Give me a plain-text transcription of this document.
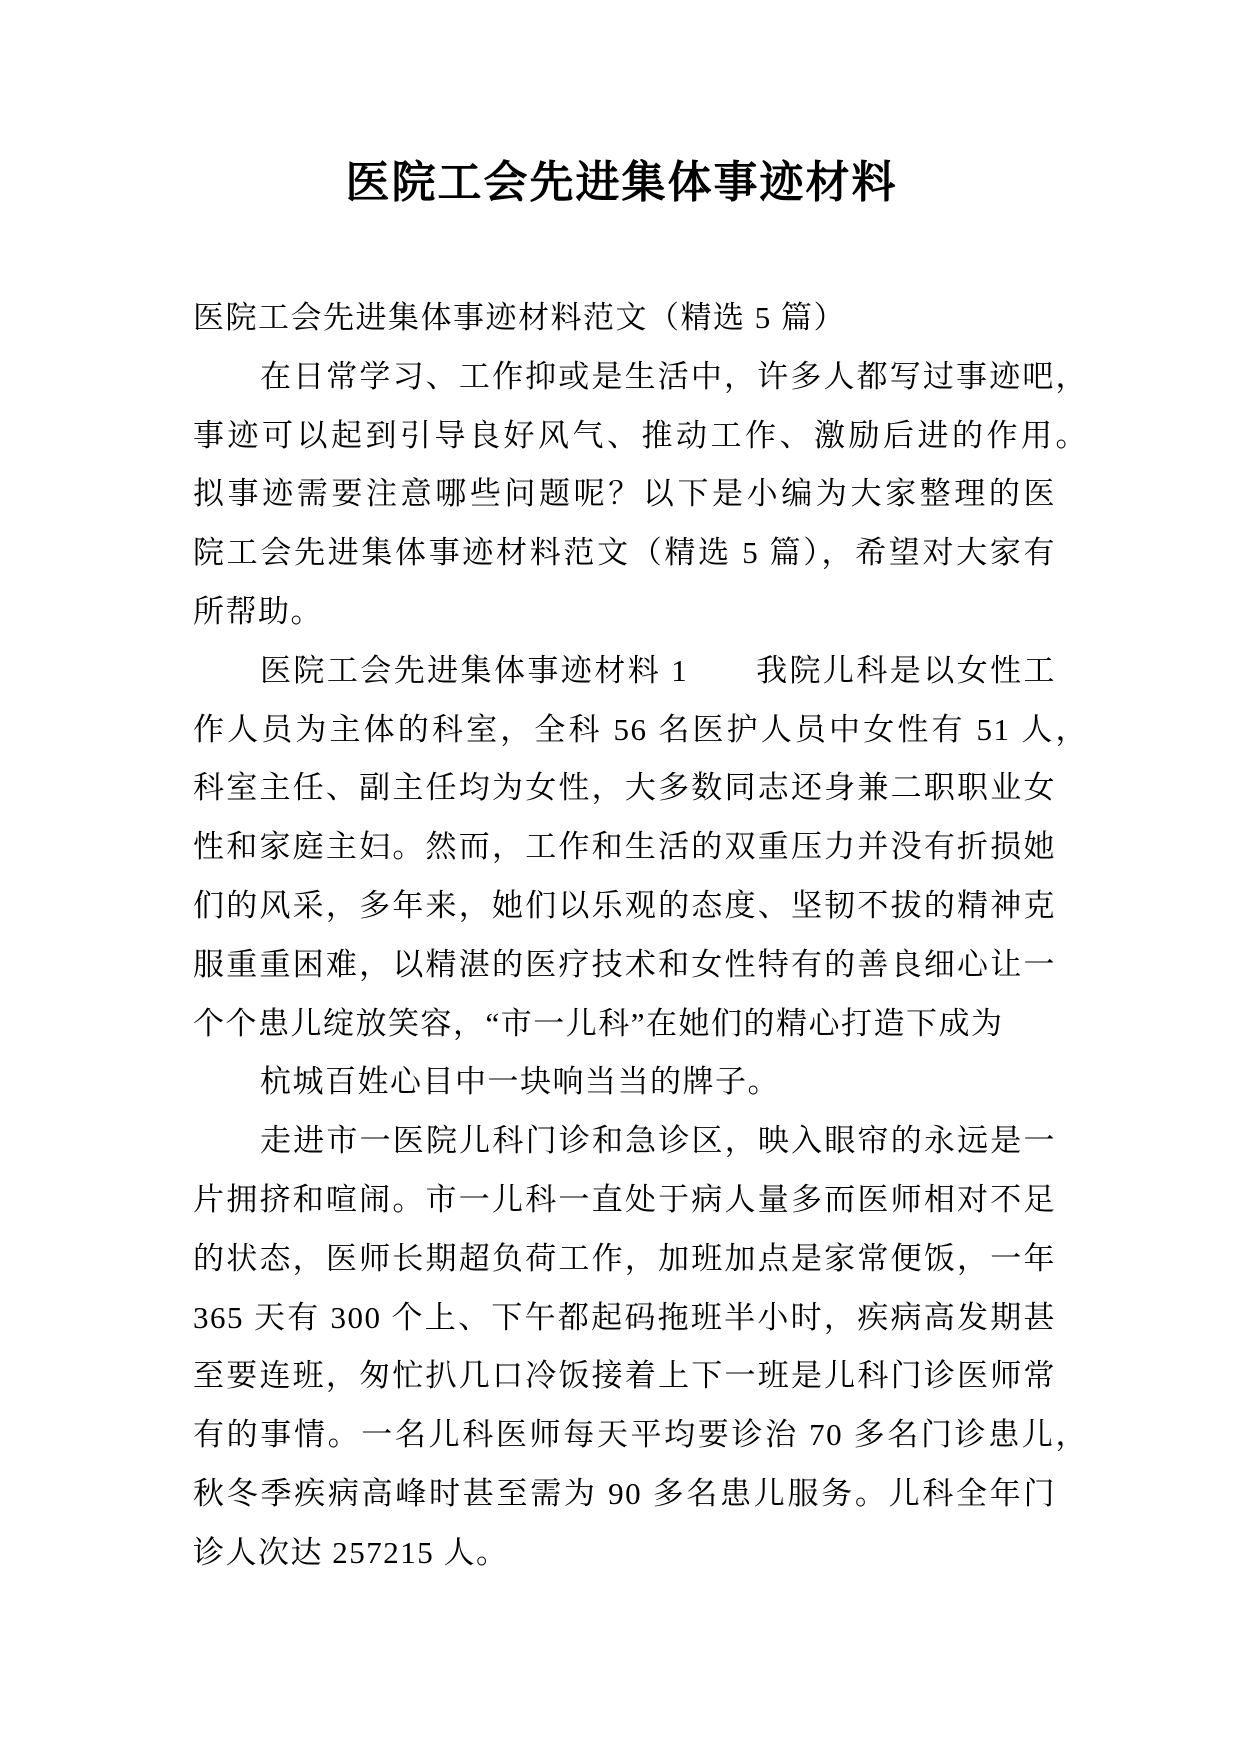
医院工会先进集体事迹材料
医院工会先进集体事迹材料范文（精选 5 篇）
在日常学习、工作抑或是生活中，许多人都写过事迹吧，
事迹可以起到引导良好风气、推动工作、激励后进的作用。
拟事迹需要注意哪些问题呢？以下是小编为大家整理的医
院工会先进集体事迹材料范文（精选 5 篇），希望对大家有
所帮助。
医院工会先进集体事迹材料 1　　我院儿科是以女性工
作人员为主体的科室，全科 56 名医护人员中女性有 51 人，
科室主任、副主任均为女性，大多数同志还身兼二职职业女
性和家庭主妇。然而，工作和生活的双重压力并没有折损她
们的风采，多年来，她们以乐观的态度、坚韧不拔的精神克
服重重困难，以精湛的医疗技术和女性特有的善良细心让一
个个患儿绽放笑容，“市一儿科”在她们的精心打造下成为
杭城百姓心目中一块响当当的牌子。
走进市一医院儿科门诊和急诊区，映入眼帘的永远是一
片拥挤和喧闹。市一儿科一直处于病人量多而医师相对不足
的状态，医师长期超负荷工作，加班加点是家常便饭，一年
365 天有 300 个上、下午都起码拖班半小时，疾病高发期甚
至要连班，匆忙扒几口冷饭接着上下一班是儿科门诊医师常
有的事情。一名儿科医师每天平均要诊治 70 多名门诊患儿，
秋冬季疾病高峰时甚至需为 90 多名患儿服务。儿科全年门
诊人次达 257215 人。
